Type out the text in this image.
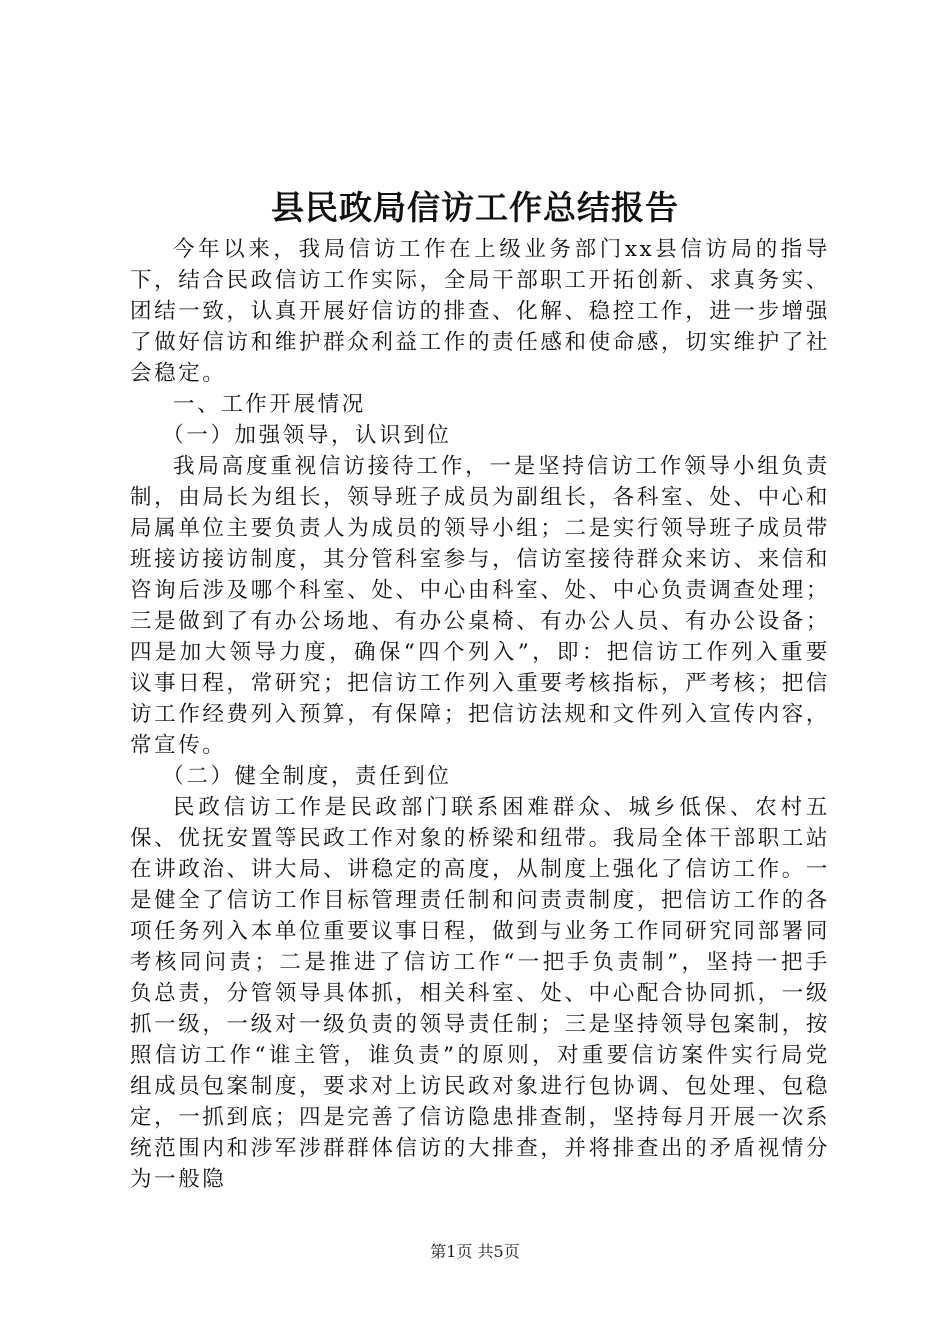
县民政局信访工作总结报告

今年以来，我局信访工作在上级业务部门xx县信访局的指导下，结合民政信访工作实际，全局干部职工开拓创新、求真务实、团结一致，认真开展好信访的排查、化解、稳控工作，进一步增强了做好信访和维护群众利益工作的责任感和使命感，切实维护了社会稳定。

一、工作开展情况

（一）加强领导，认识到位

我局高度重视信访接待工作，一是坚持信访工作领导小组负责制，由局长为组长，领导班子成员为副组长，各科室、处、中心和局属单位主要负责人为成员的领导小组；二是实行领导班子成员带班接访接访制度，其分管科室参与，信访室接待群众来访、来信和咨询后涉及哪个科室、处、中心由科室、处、中心负责调查处理；三是做到了有办公场地、有办公桌椅、有办公人员、有办公设备；四是加大领导力度，确保“四个列入”，即：把信访工作列入重要议事日程，常研究；把信访工作列入重要考核指标，严考核；把信访工作经费列入预算，有保障；把信访法规和文件列入宣传内容，常宣传。

（二）健全制度，责任到位

民政信访工作是民政部门联系困难群众、城乡低保、农村五保、优抚安置等民政工作对象的桥梁和纽带。我局全体干部职工站在讲政治、讲大局、讲稳定的高度，从制度上强化了信访工作。一是健全了信访工作目标管理责任制和问责责制度，把信访工作的各项任务列入本单位重要议事日程，做到与业务工作同研究同部署同考核同问责；二是推进了信访工作“一把手负责制”，坚持一把手负总责，分管领导具体抓，相关科室、处、中心配合协同抓，一级抓一级，一级对一级负责的领导责任制；三是坚持领导包案制，按照信访工作“谁主管，谁负责”的原则，对重要信访案件实行局党组成员包案制度，要求对上访民政对象进行包协调、包处理、包稳定，一抓到底；四是完善了信访隐患排查制，坚持每月开展一次系统范围内和涉军涉群群体信访的大排查，并将排查出的矛盾视情分为一般隐

第1页 共5页
